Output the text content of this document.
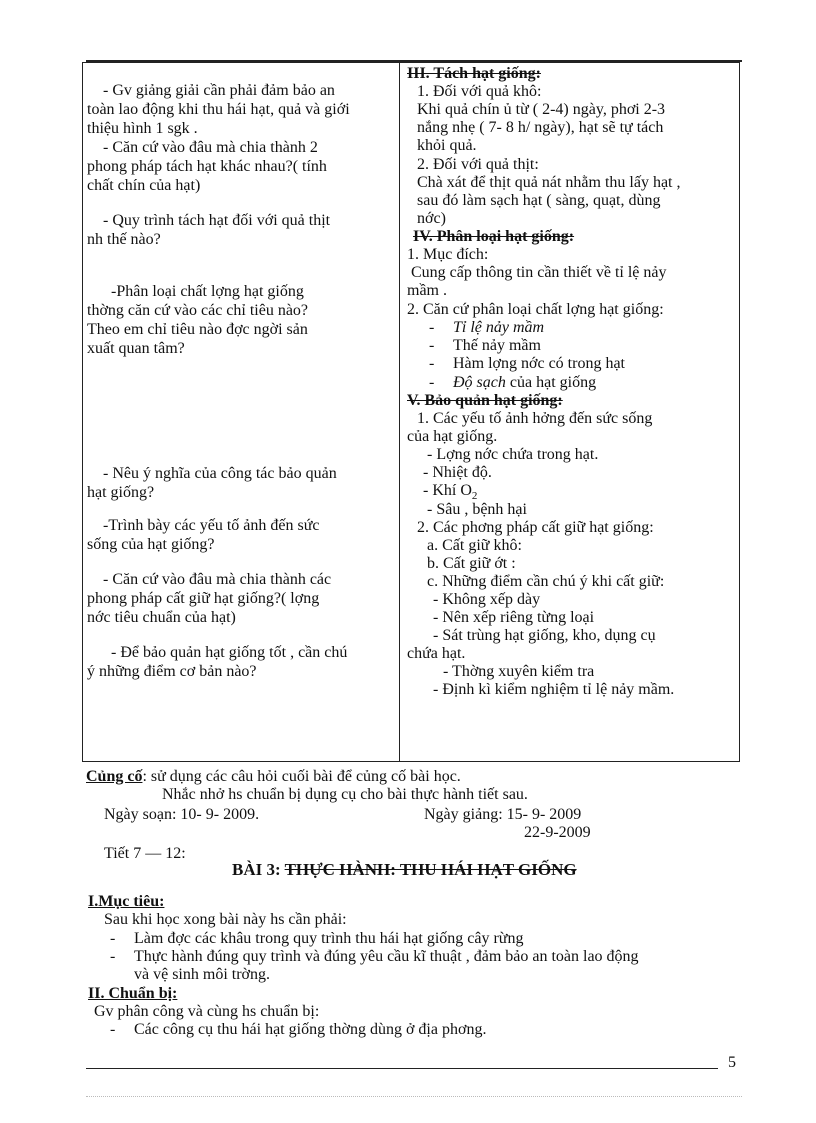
- Gv giảng giải cần phải đảm bảo an
toàn lao động khi thu hái hạt, quả và giới
thiệu hình 1 sgk .
- Căn cứ vào đâu mà chia thành 2
phong pháp tách hạt khác nhau?( tính
chất chín của hạt)
- Quy trình tách hạt đối với quả thịt
nh thế nào?
-Phân loại chất lợng hạt giống
thờng căn cứ vào các chỉ tiêu nào?
Theo em chỉ tiêu nào đợc ngời sản
xuất quan tâm?
- Nêu ý nghĩa của công tác bảo quản
hạt giống?
-Trình bày các yếu tố ảnh đến sức
sống của hạt giống?
- Căn cứ vào đâu mà chia thành các
phong pháp cất giữ hạt giống?( lợng
nớc tiêu chuẩn của hạt)
- Để bảo quản hạt giống tốt , cần chú
ý những điểm cơ bản nào?
III. Tách hạt giống:
1. Đối với quả khô:
Khi quả chín ủ từ ( 2-4) ngày, phơi 2-3
nắng nhẹ ( 7- 8 h/ ngày), hạt sẽ tự tách
khỏi quả.
2. Đối với quả thịt:
Chà xát để thịt quả nát nhằm thu lấy hạt ,
sau đó làm sạch hạt ( sàng, quạt, dùng
nớc)
IV. Phân loại hạt giống:
1. Mục đích:
Cung cấp thông tin cần thiết về tỉ lệ nảy
mầm .
2. Căn cứ phân loại chất lợng hạt giống:
- Tỉ lệ nảy mầm
- Thế nảy mầm
- Hàm lợng nớc có trong hạt
- Độ sạch của hạt giống
V. Bảo quản hạt giống:
1. Các yếu tố ảnh hởng đến sức sống
của hạt giống.
- Lợng nớc chứa trong hạt.
- Nhiệt độ.
- Khí $O_2$
- Sâu , bệnh hại
2. Các phơng pháp cất giữ hạt giống:
a. Cất giữ khô:
b. Cất giữ ớt :
c. Những điểm cần chú ý khi cất giữ:
- Không xếp dày
- Nên xếp riêng từng loại
- Sát trùng hạt giống, kho, dụng cụ
chứa hạt.
- Thờng xuyên kiểm tra
- Định kì kiểm nghiệm tỉ lệ nảy mầm.
Củng cố: sử dụng các câu hỏi cuối bài để củng cố bài học.
Nhắc nhở hs chuẩn bị dụng cụ cho bài thực hành tiết sau.
Ngày soạn: 10- 9- 2009.	Ngày giảng: 15- 9- 2009
22-9-2009
Tiết 7 — 12:
BÀI 3: THỰC HÀNH: THU HÁI HẠT GIỐNG
I.Mục tiêu:
Sau khi học xong bài này hs cần phải:
- Làm đợc các khâu trong quy trình thu hái hạt giống cây rừng
- Thực hành đúng quy trình và đúng yêu cầu kĩ thuật , đảm bảo an toàn lao động
và vệ sinh môi trờng.
II. Chuẩn bị:
Gv phân công và cùng hs chuẩn bị:
- Các công cụ thu hái hạt giống thờng dùng ở địa phơng.
5
